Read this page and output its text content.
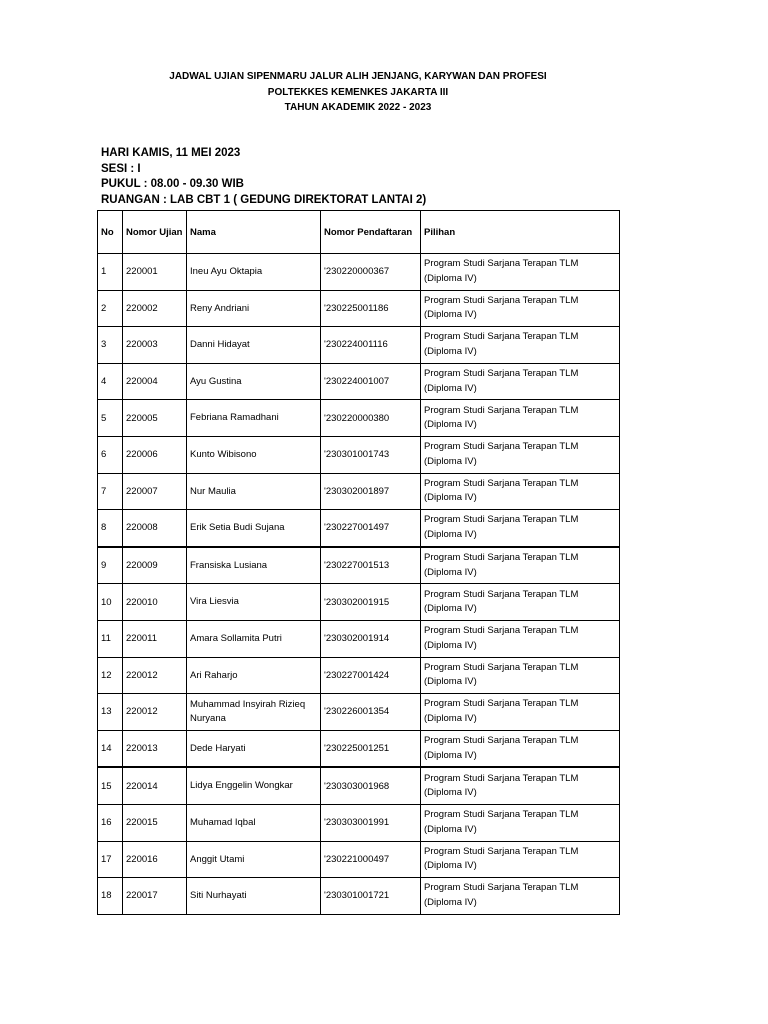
JADWAL UJIAN SIPENMARU JALUR ALIH JENJANG, KARYWAN DAN PROFESI
POLTEKKES KEMENKES JAKARTA III
TAHUN AKADEMIK 2022 - 2023
HARI KAMIS, 11 MEI 2023
SESI : I
PUKUL : 08.00 - 09.30 WIB
RUANGAN : LAB CBT 1 ( GEDUNG DIREKTORAT LANTAI 2)
No	Nomor Ujian	Nama	Nomor Pendaftaran	Pilihan
1	220001	Ineu Ayu Oktapia	'230220000367	Program Studi Sarjana Terapan TLM
(Diploma IV)

2	220002	Reny Andriani	'230225001186	Program Studi Sarjana Terapan TLM
(Diploma IV)

3	220003	Danni Hidayat	'230224001116	Program Studi Sarjana Terapan TLM
(Diploma IV)

4	220004	Ayu Gustina	'230224001007	Program Studi Sarjana Terapan TLM
(Diploma IV)

5	220005	Febriana Ramadhani	'230220000380	Program Studi Sarjana Terapan TLM
(Diploma IV)

6	220006	Kunto Wibisono	'230301001743	Program Studi Sarjana Terapan TLM
(Diploma IV)

7	220007	Nur Maulia	'230302001897	Program Studi Sarjana Terapan TLM
(Diploma IV)

8	220008	Erik Setia Budi Sujana	'230227001497	Program Studi Sarjana Terapan TLM
(Diploma IV)

9	220009	Fransiska Lusiana	'230227001513	Program Studi Sarjana Terapan TLM
(Diploma IV)

10	220010	Vira Liesvia	'230302001915	Program Studi Sarjana Terapan TLM
(Diploma IV)

11	220011	Amara Sollamita Putri	'230302001914	Program Studi Sarjana Terapan TLM
(Diploma IV)

12	220012	Ari Raharjo	'230227001424	Program Studi Sarjana Terapan TLM
(Diploma IV)

13	220012	Muhammad Insyirah Rizieq Nuryana	'230226001354	Program Studi Sarjana Terapan TLM
(Diploma IV)

14	220013	Dede Haryati	'230225001251	Program Studi Sarjana Terapan TLM
(Diploma IV)

15	220014	Lidya Enggelin Wongkar	'230303001968	Program Studi Sarjana Terapan TLM
(Diploma IV)

16	220015	Muhamad Iqbal	'230303001991	Program Studi Sarjana Terapan TLM
(Diploma IV)

17	220016	Anggit Utami	'230221000497	Program Studi Sarjana Terapan TLM
(Diploma IV)

18	220017	Siti Nurhayati	'230301001721	Program Studi Sarjana Terapan TLM
(Diploma IV)
